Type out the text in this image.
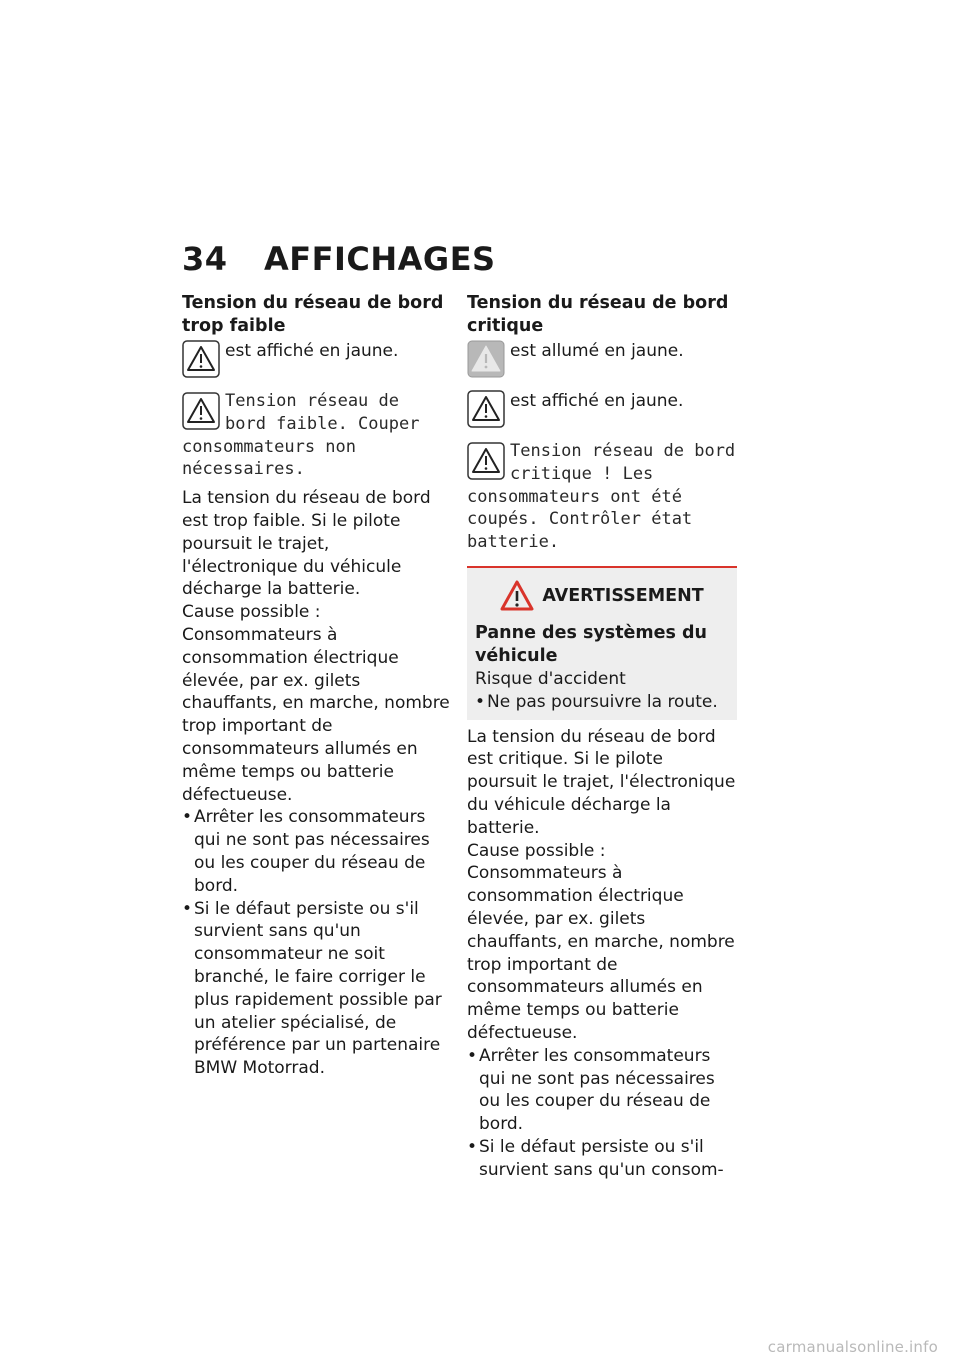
34 AFFICHAGES

Tension du réseau de bord trop faible

est affiché en jaune.
Tension réseau de bord faible. Couper consommateurs non nécessaires.

La tension du réseau de bord est trop faible. Si le pilote poursuit le trajet, l'électronique du véhicule décharge la batterie.

Cause possible :

Consommateurs à consommation électrique élevée, par ex. gilets chauffants, en marche, nombre trop important de consommateurs allumés en même temps ou batterie défectueuse.

• Arrêter les consommateurs qui ne sont pas nécessaires ou les couper du réseau de bord.
• Si le défaut persiste ou s'il survient sans qu'un consommateur ne soit branché, le faire corriger le plus rapidement possible par un atelier spécialisé, de préférence par un partenaire BMW Motorrad.

Tension du réseau de bord critique

est allumé en jaune.
est affiché en jaune.
Tension réseau de bord critique ! Les consommateurs ont été coupés. Contrôler état batterie.
AVERTISSEMENT

Panne des systèmes du véhicule

Risque d'accident

• Ne pas poursuivre la route.

La tension du réseau de bord est critique. Si le pilote poursuit le trajet, l'électronique du véhicule décharge la batterie.

Cause possible :

Consommateurs à consommation électrique élevée, par ex. gilets chauffants, en marche, nombre trop important de consommateurs allumés en même temps ou batterie défectueuse.

• Arrêter les consommateurs qui ne sont pas nécessaires ou les couper du réseau de bord.
• Si le défaut persiste ou s'il survient sans qu'un consom-
carmanualsonline.info
